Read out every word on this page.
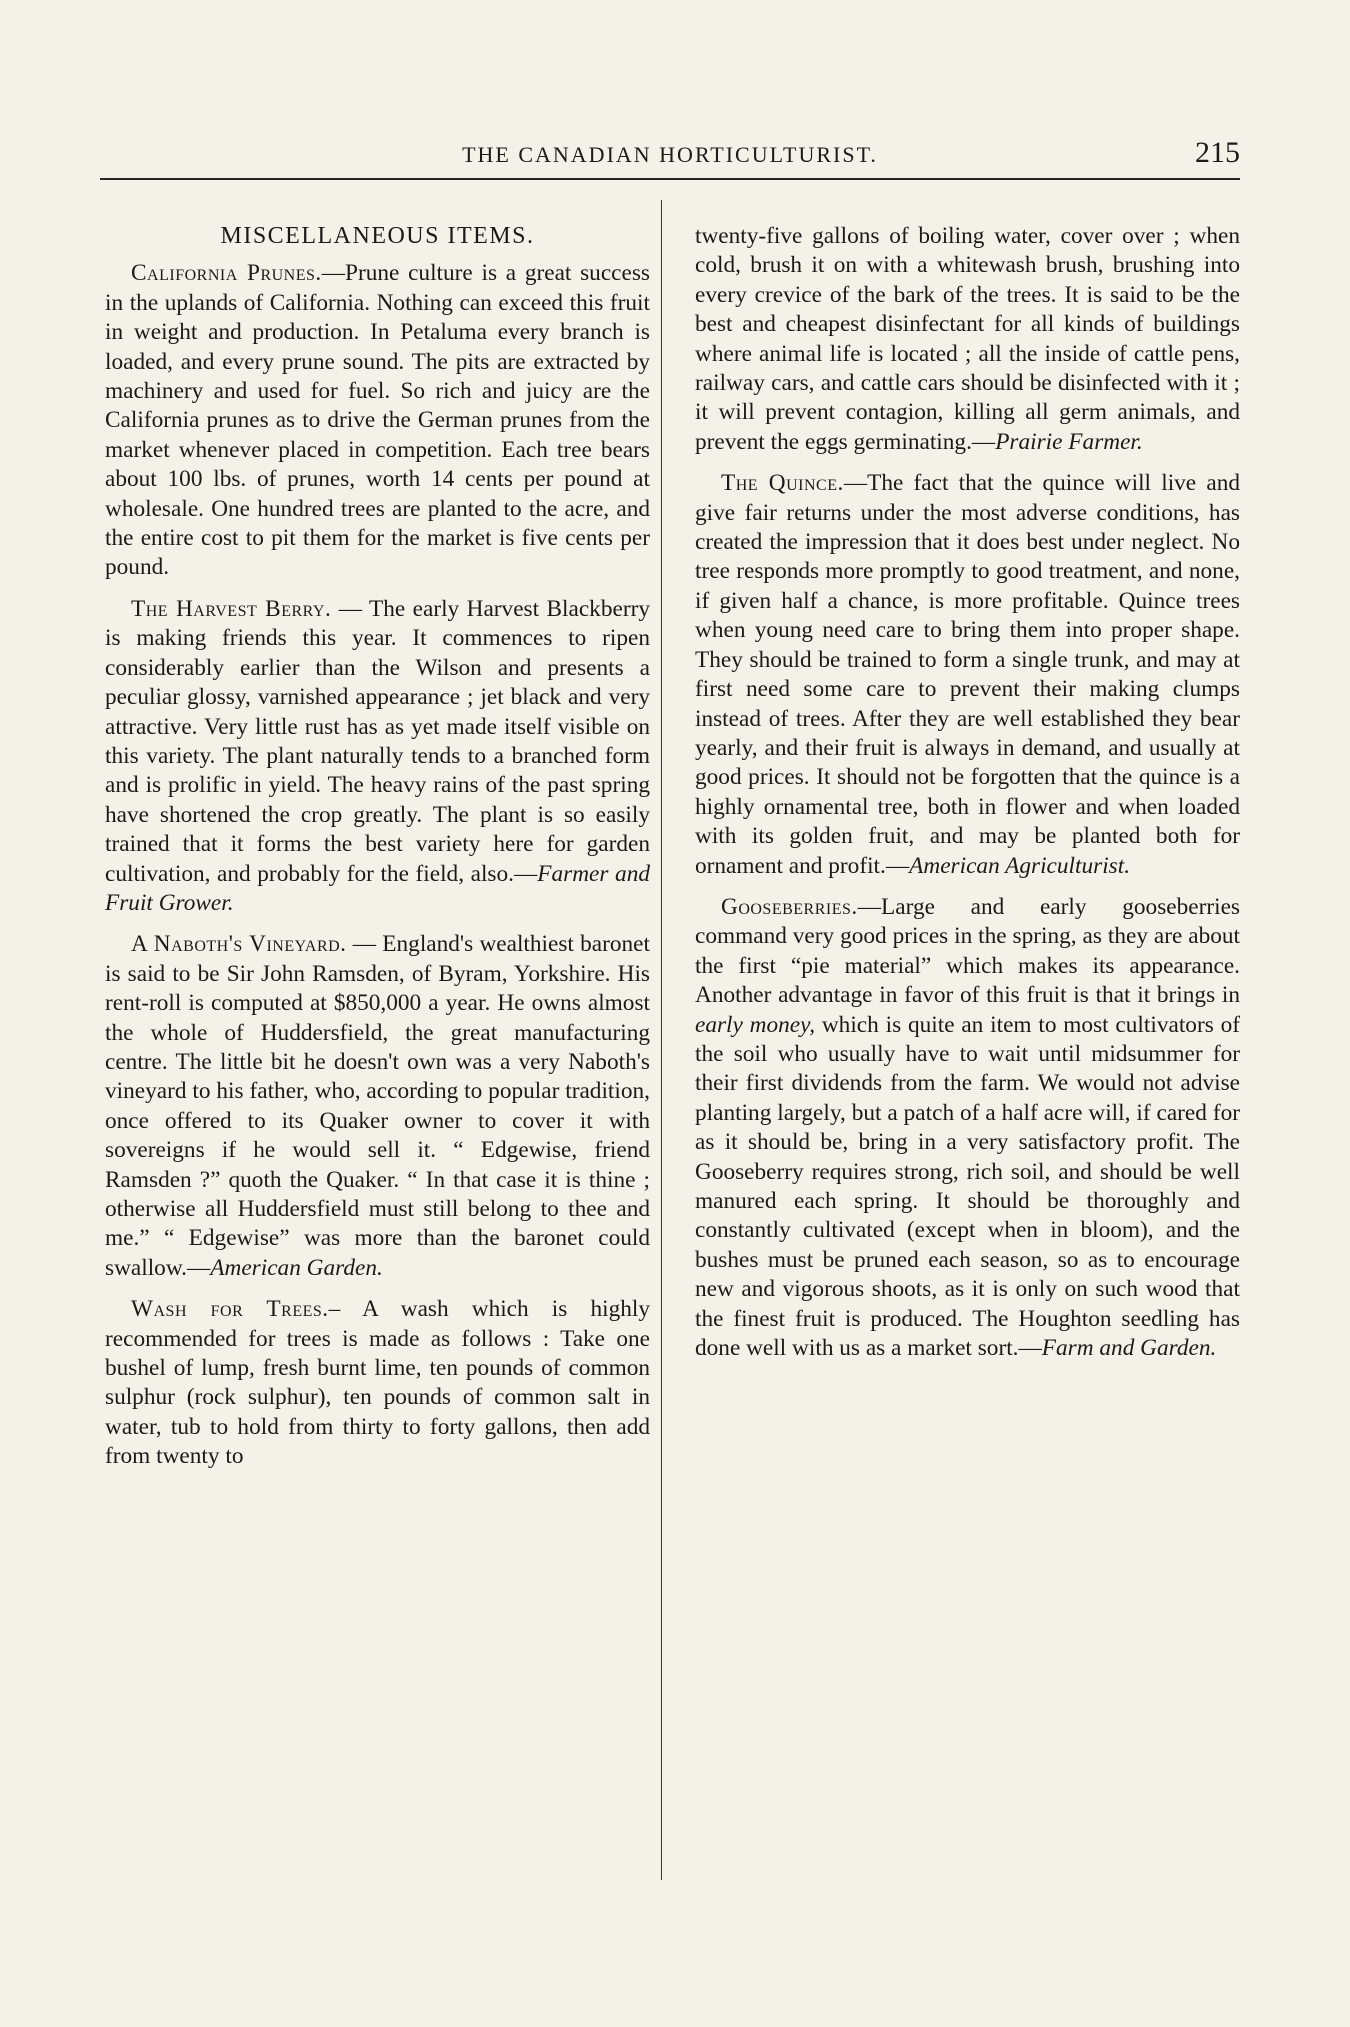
THE CANADIAN HORTICULTURIST.	215
MISCELLANEOUS ITEMS.

California Prunes.—Prune culture is a great success in the uplands of California. Nothing can exceed this fruit in weight and production. In Petaluma every branch is loaded, and every prune sound. The pits are extracted by machinery and used for fuel. So rich and juicy are the California prunes as to drive the German prunes from the market whenever placed in competition. Each tree bears about 100 lbs. of prunes, worth 14 cents per pound at wholesale. One hundred trees are planted to the acre, and the entire cost to pit them for the market is five cents per pound.

The Harvest Berry. — The early Harvest Blackberry is making friends this year. It commences to ripen considerably earlier than the Wilson and presents a peculiar glossy, varnished appearance ; jet black and very attractive. Very little rust has as yet made itself visible on this variety. The plant naturally tends to a branched form and is prolific in yield. The heavy rains of the past spring have shortened the crop greatly. The plant is so easily trained that it forms the best variety here for garden cultivation, and probably for the field, also.—Farmer and Fruit Grower.

A Naboth's Vineyard. — England's wealthiest baronet is said to be Sir John Ramsden, of Byram, Yorkshire. His rent-roll is computed at $850,000 a year. He owns almost the whole of Huddersfield, the great manufacturing centre. The little bit he doesn't own was a very Naboth's vineyard to his father, who, according to popular tradition, once offered to its Quaker owner to cover it with sovereigns if he would sell it. “ Edgewise, friend Ramsden ?” quoth the Quaker. “ In that case it is thine ; otherwise all Huddersfield must still belong to thee and me.” “ Edgewise” was more than the baronet could swallow.—American Garden.

Wash for Trees.– A wash which is highly recommended for trees is made as follows : Take one bushel of lump, fresh burnt lime, ten pounds of common sulphur (rock sulphur), ten pounds of common salt in water, tub to hold from thirty to forty gallons, then add from twenty to

twenty-five gallons of boiling water, cover over ; when cold, brush it on with a whitewash brush, brushing into every crevice of the bark of the trees. It is said to be the best and cheapest disinfectant for all kinds of buildings where animal life is located ; all the inside of cattle pens, railway cars, and cattle cars should be disinfected with it ; it will prevent contagion, killing all germ animals, and prevent the eggs germinating.—Prairie Farmer.

The Quince.—The fact that the quince will live and give fair returns under the most adverse conditions, has created the impression that it does best under neglect. No tree responds more promptly to good treatment, and none, if given half a chance, is more profitable. Quince trees when young need care to bring them into proper shape. They should be trained to form a single trunk, and may at first need some care to prevent their making clumps instead of trees. After they are well established they bear yearly, and their fruit is always in demand, and usually at good prices. It should not be forgotten that the quince is a highly ornamental tree, both in flower and when loaded with its golden fruit, and may be planted both for ornament and profit.—American Agriculturist.

Gooseberries.—Large and early gooseberries command very good prices in the spring, as they are about the first “pie material” which makes its appearance. Another advantage in favor of this fruit is that it brings in early money, which is quite an item to most cultivators of the soil who usually have to wait until midsummer for their first dividends from the farm. We would not advise planting largely, but a patch of a half acre will, if cared for as it should be, bring in a very satisfactory profit. The Gooseberry requires strong, rich soil, and should be well manured each spring. It should be thoroughly and constantly cultivated (except when in bloom), and the bushes must be pruned each season, so as to encourage new and vigorous shoots, as it is only on such wood that the finest fruit is produced. The Houghton seedling has done well with us as a market sort.—Farm and Garden.
